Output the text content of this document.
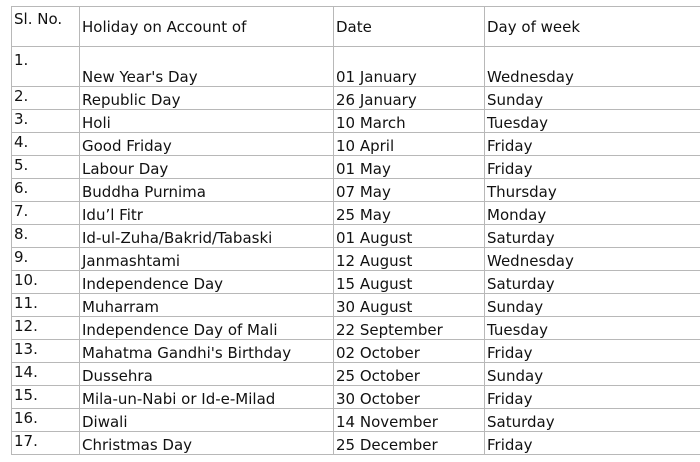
Sl. No.	Holiday on Account of	Date	Day of week
1.	New Year's Day	01 January	Wednesday
2.	Republic Day	26 January	Sunday
3.	Holi	10 March	Tuesday
4.	Good Friday	10 April	Friday
5.	Labour Day	01 May	Friday
6.	Buddha Purnima	07 May	Thursday
7.	Idu’l Fitr	25 May	Monday
8.	Id-ul-Zuha/Bakrid/Tabaski	01 August	Saturday
9.	Janmashtami	12 August	Wednesday
10.	Independence Day	15 August	Saturday
11.	Muharram	30 August	Sunday
12.	Independence Day of Mali	22 September	Tuesday
13.	Mahatma Gandhi's Birthday	02 October	Friday
14.	Dussehra	25 October	Sunday
15.	Mila-un-Nabi or Id-e-Milad	30 October	Friday
16.	Diwali	14 November	Saturday
17.	Christmas Day	25 December	Friday
